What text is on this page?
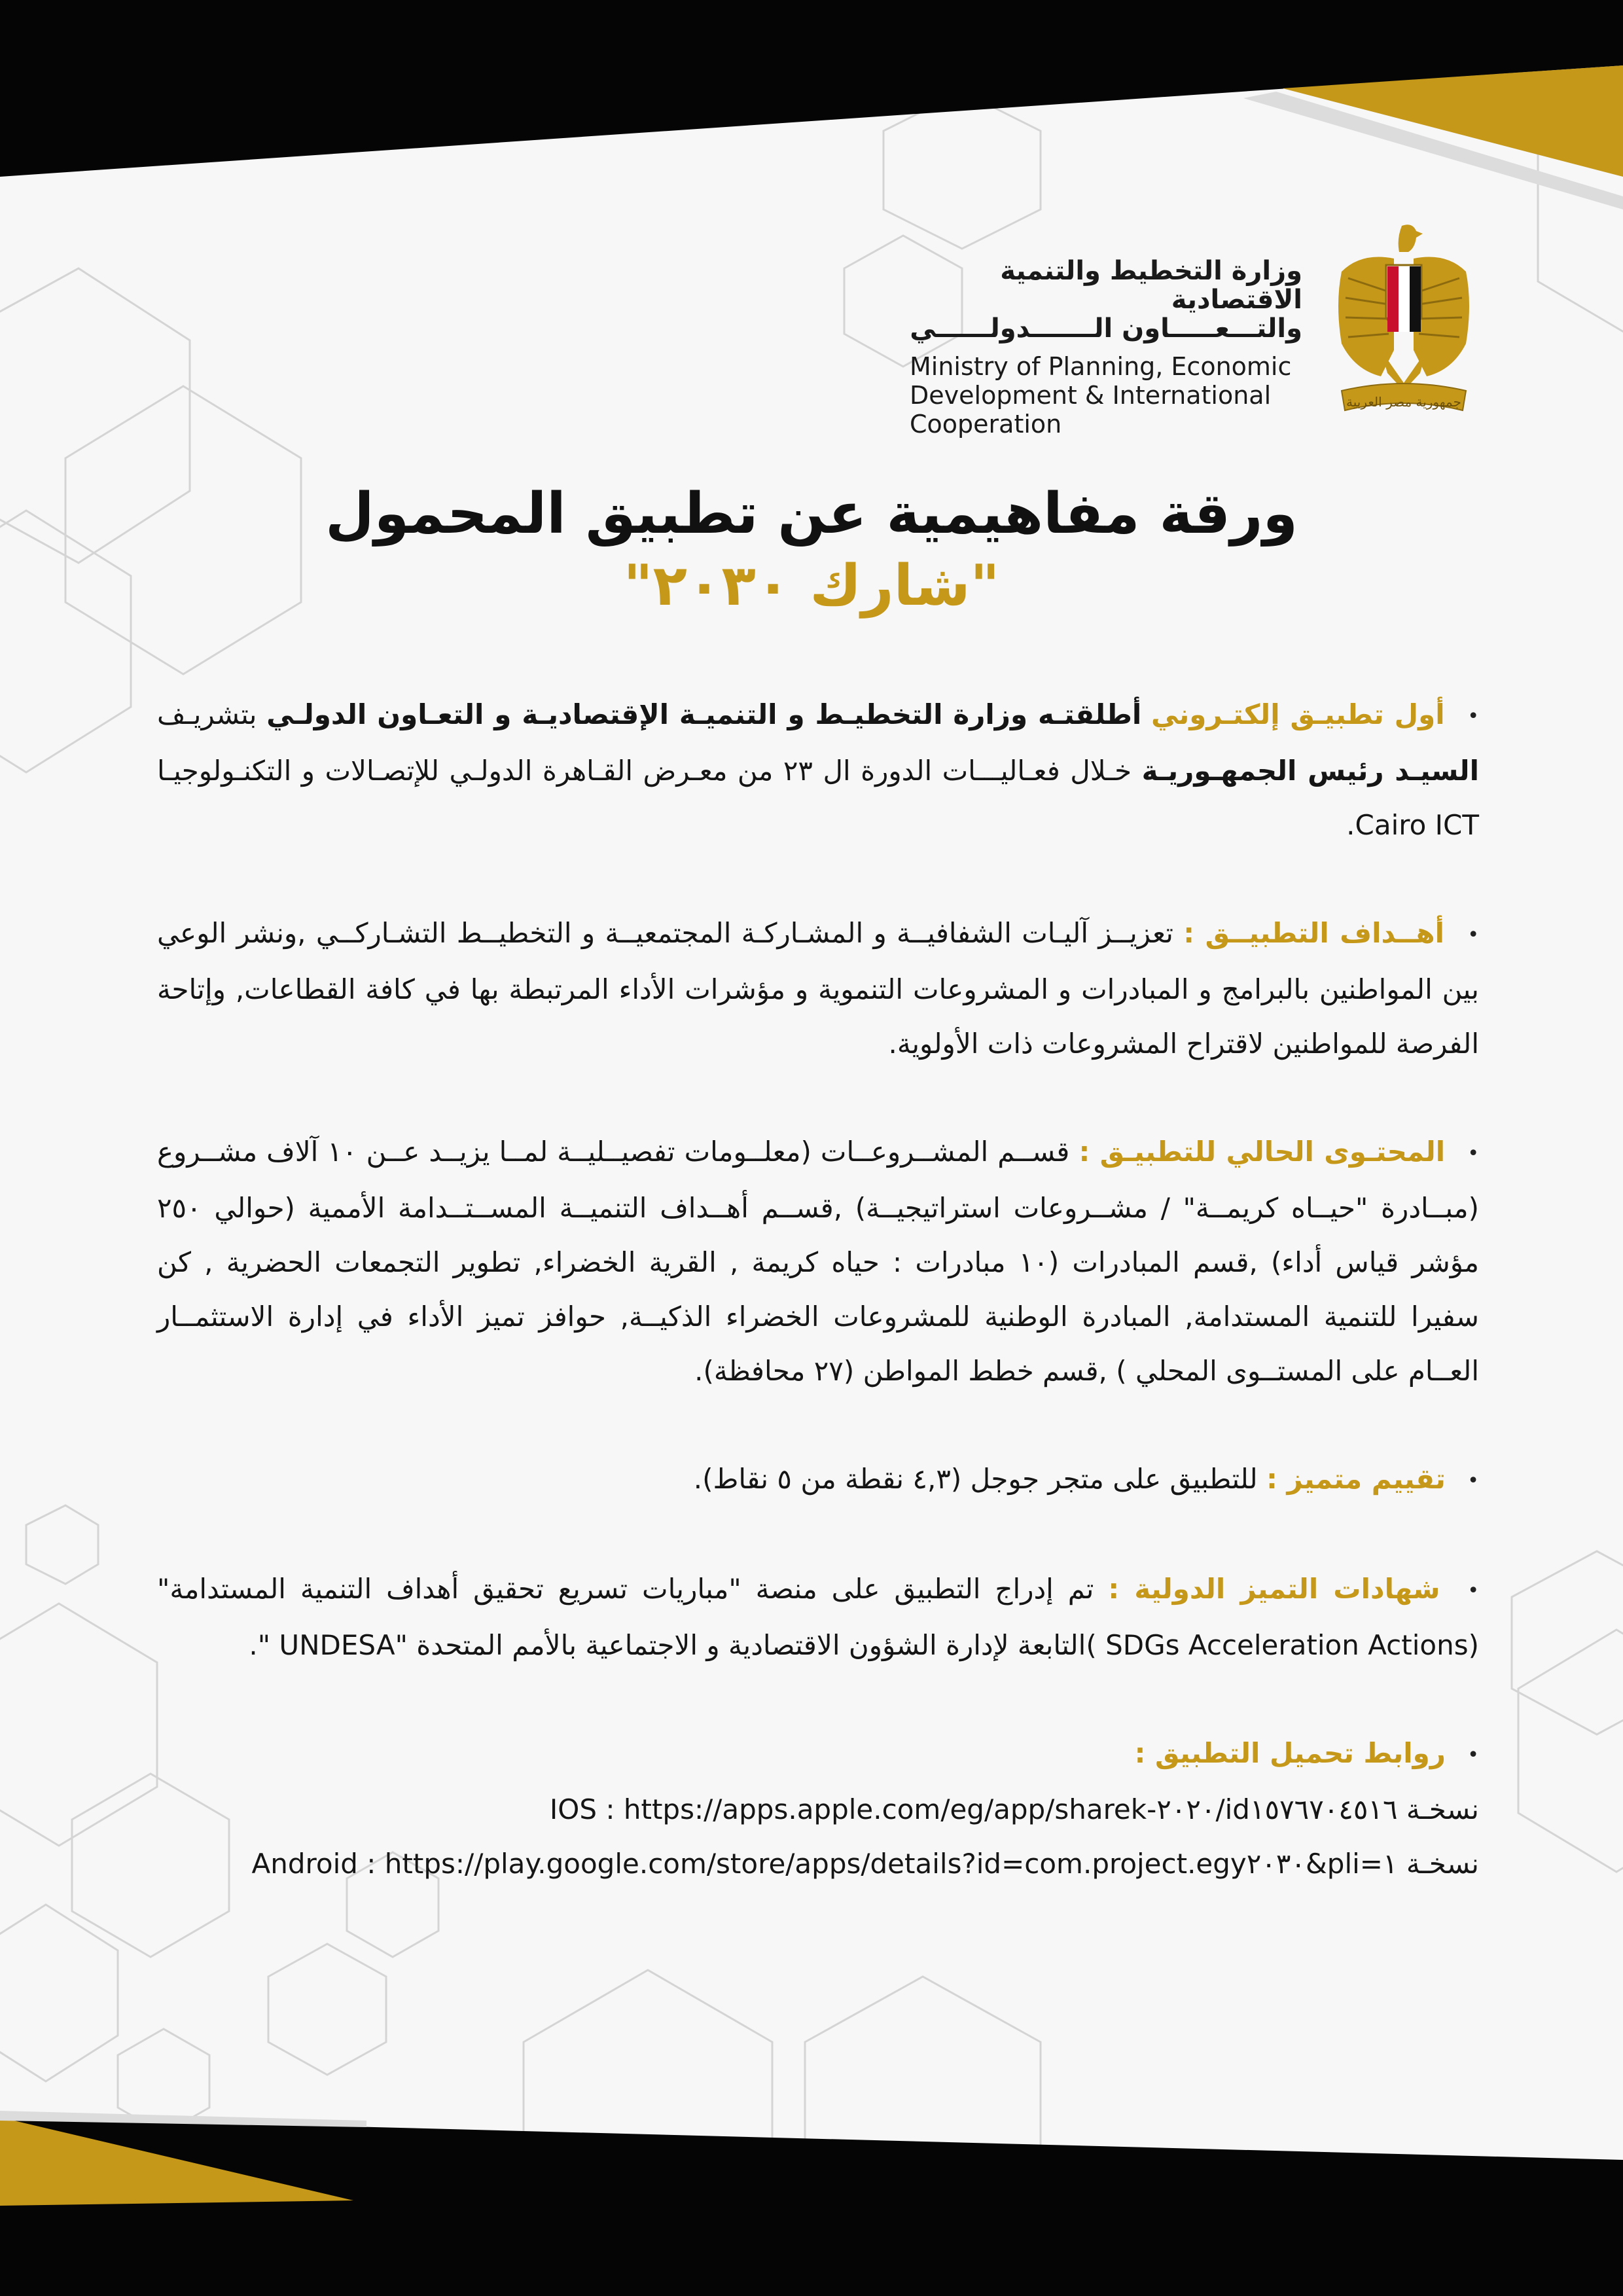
وزارة التخطيط والتنمية الاقتصادية
والتـــعـــــاون الـــــــدولــــــي
Ministry of Planning, Economic
Development & International
Cooperation
جمهورية مصر العربية
ورقة مفاهيمية عن تطبيق المحمول
"شارك ٢٠٣٠"
• أول تطبيـق إلكتـروني أطلقتـه وزارة التخطيـط و التنميـة الإقتصاديـة و التعـاون الدولـي بتشريـف السيـد رئيس الجمهـوريـة خـلال فعـاليـــات الدورة ال ٢٣ من معـرض القـاهرة الدولـي للإتصـالات و التكنـولوجيـا Cairo ICT.
• أهــداف التطبيــق : تعزيــز آليـات الشفافيــة و المشـاركـة المجتمعيــة و التخطيــط التشـاركــي ,ونشر الوعي بين المواطنين بالبرامج و المبادرات و المشروعات التنموية و مؤشرات الأداء المرتبطة بها في كافة القطاعات, وإتاحة الفرصة للمواطنين لاقتراح المشروعات ذات الأولوية.
• المحتـوى الحالي للتطبيـق : قســم المشــروعــات (معلــومات تفصيــليــة لمــا يزيــد عــن ١٠ آلاف مشــروع (مبــادرة "حيــاه كريمــة" / مشــروعات استراتيجيــة) ,قســم أهــداف التنميــة المســتــدامة الأممية (حوالي ٢٥٠ مؤشر قياس أداء) ,قسم المبادرات (١٠ مبادرات : حياه كريمة , القرية الخضراء, تطوير التجمعات الحضرية , كن سفيرا للتنمية المستدامة, المبادرة الوطنية للمشروعات الخضراء الذكيــة, حوافز تميز الأداء في إدارة الاستثمــار العــام على المستــوى المحلي ) ,قسم خطط المواطن (٢٧ محافظة).
• تقييم متميز : للتطبيق على متجر جوجل (٤,٣ نقطة من ٥ نقاط).
• شهادات التميز الدولية : تم إدراج التطبيق على منصة "مباريات تسريع تحقيق أهداف التنمية المستدامة" (SDGs Acceleration Actions )التابعة لإدارة الشؤون الاقتصادية و الاجتماعية بالأمم المتحدة "UNDESA ".
• روابط تحميل التطبيق :
نسخـة IOS : https://apps.apple.com/eg/app/sharek-٢٠٢٠/id١٥٧٦٧٠٤٥١٦
نسخـة Android : https://play.google.com/store/apps/details?id=com.project.egy٢٠٣٠&pli=١
